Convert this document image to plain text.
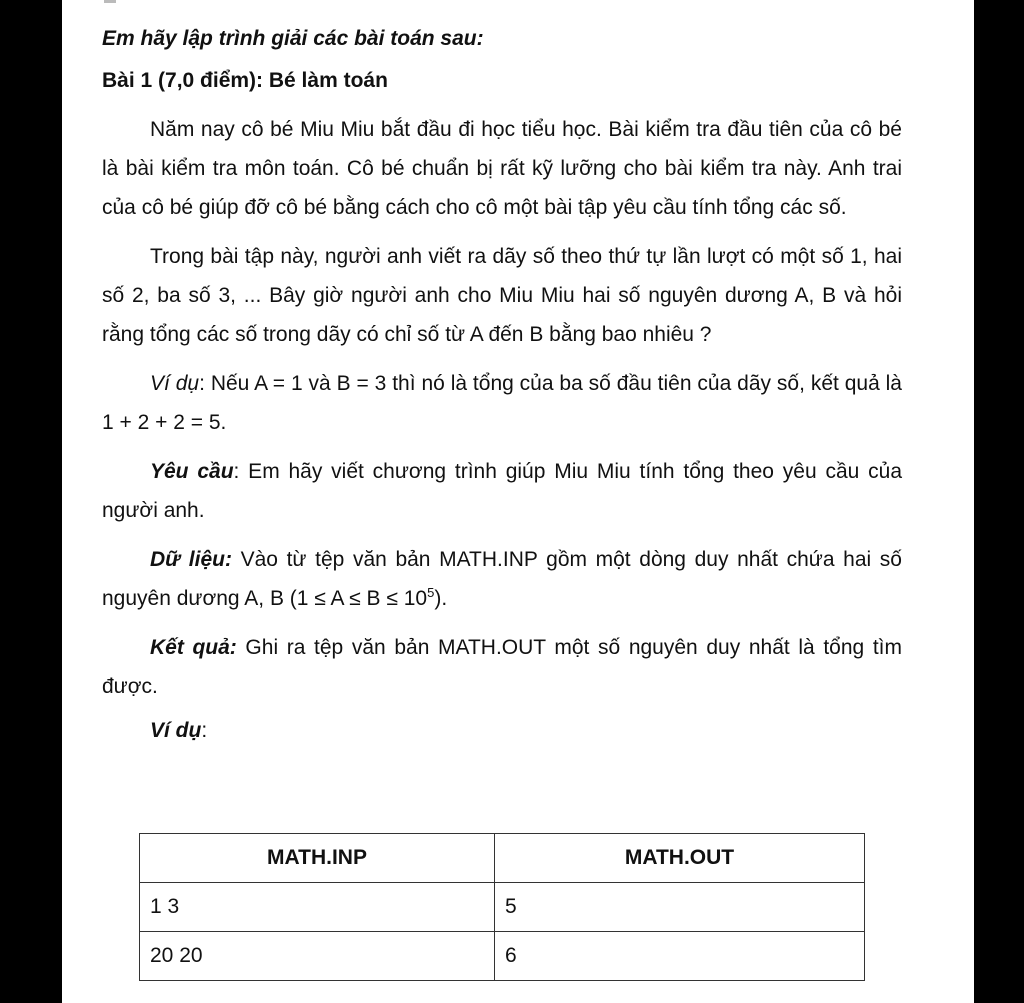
Em hãy lập trình giải các bài toán sau:

Bài 1 (7,0 điểm): Bé làm toán

Năm nay cô bé Miu Miu bắt đầu đi học tiểu học. Bài kiểm tra đầu tiên của cô bé là bài kiểm tra môn toán. Cô bé chuẩn bị rất kỹ lưỡng cho bài kiểm tra này. Anh trai của cô bé giúp đỡ cô bé bằng cách cho cô một bài tập yêu cầu tính tổng các số.

Trong bài tập này, người anh viết ra dãy số theo thứ tự lần lượt có một số 1, hai số 2, ba số 3, ... Bây giờ người anh cho Miu Miu hai số nguyên dương A, B và hỏi rằng tổng các số trong dãy có chỉ số từ A đến B bằng bao nhiêu ?

Ví dụ: Nếu A = 1 và B = 3 thì nó là tổng của ba số đầu tiên của dãy số, kết quả là 1 + 2 + 2 = 5.

Yêu cầu: Em hãy viết chương trình giúp Miu Miu tính tổng theo yêu cầu của người anh.

Dữ liệu: Vào từ tệp văn bản MATH.INP gồm một dòng duy nhất chứa hai số nguyên dương A, B $(1 \le A \le B \le 10^5)$.

Kết quả: Ghi ra tệp văn bản MATH.OUT một số nguyên duy nhất là tổng tìm được.

Ví dụ:

MATH.INP	MATH.OUT
1 3	5
20 20	6
